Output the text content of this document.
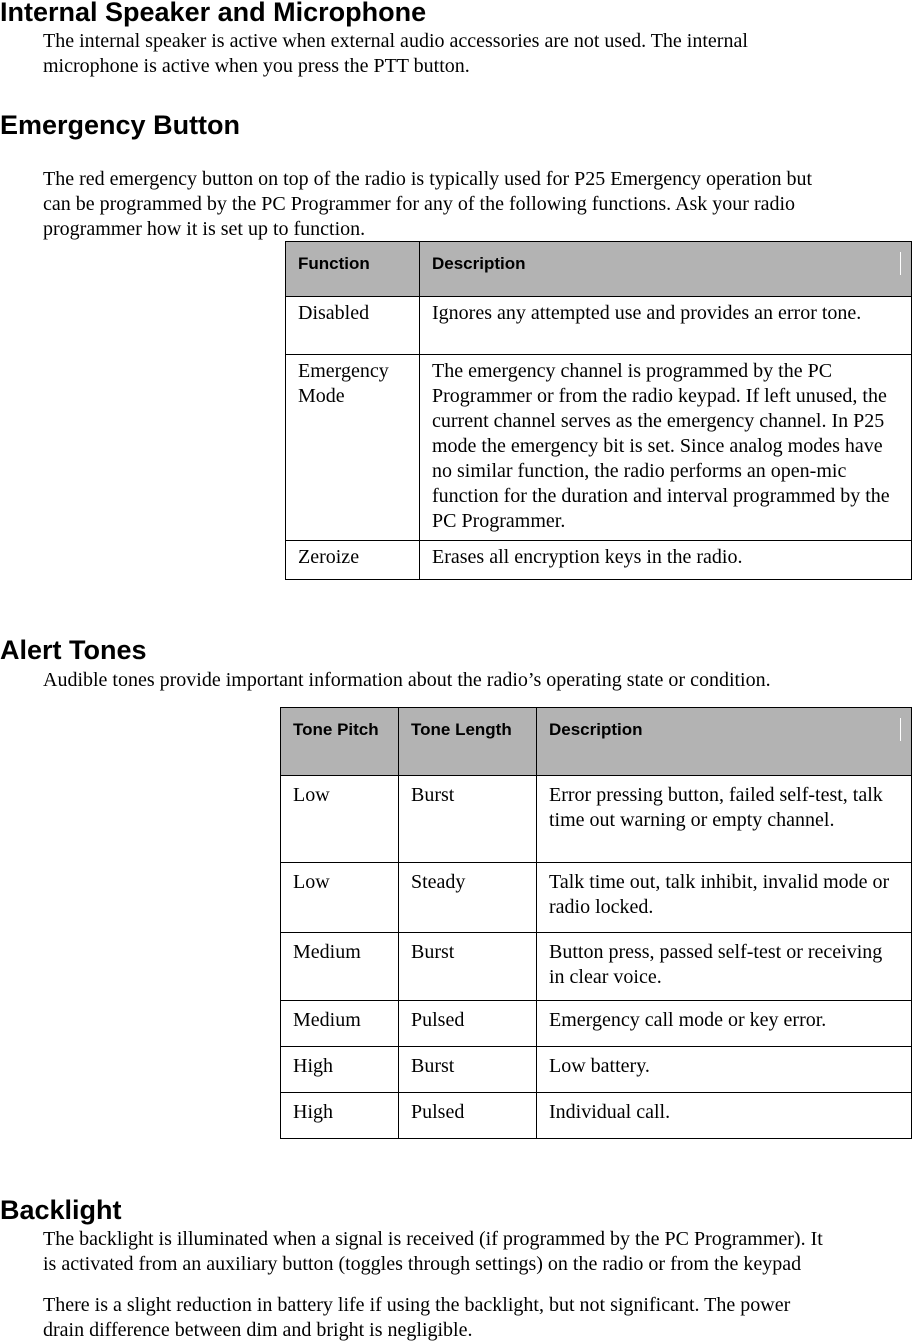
Internal Speaker and Microphone
The internal speaker is active when external audio accessories are not used. The internal
microphone is active when you press the PTT button.
Emergency Button
The red emergency button on top of the radio is typically used for P25 Emergency operation but
can be programmed by the PC Programmer for any of the following functions. Ask your radio
programmer how it is set up to function.
Function	Description

Disabled	Ignores any attempted use and provides an error tone.
Emergency Mode	The emergency channel is programmed by the PC Programmer or from the radio keypad. If left unused, the current channel serves as the emergency channel. In P25 mode the emergency bit is set. Since analog modes have no similar function, the radio performs an open-mic function for the duration and interval programmed by the PC Programmer.
Zeroize	Erases all encryption keys in the radio.
Alert Tones
Audible tones provide important information about the radio’s operating state or condition.
Tone Pitch	Tone Length	Description

Low	Burst	Error pressing button, failed self-test, talk time out warning or empty channel.
Low	Steady	Talk time out, talk inhibit, invalid mode or radio locked.
Medium	Burst	Button press, passed self-test or receiving in clear voice.
Medium	Pulsed	Emergency call mode or key error.
High	Burst	Low battery.
High	Pulsed	Individual call.
Backlight
The backlight is illuminated when a signal is received (if programmed by the PC Programmer). It
is activated from an auxiliary button (toggles through settings) on the radio or from the keypad
There is a slight reduction in battery life if using the backlight, but not significant. The power
drain difference between dim and bright is negligible.
